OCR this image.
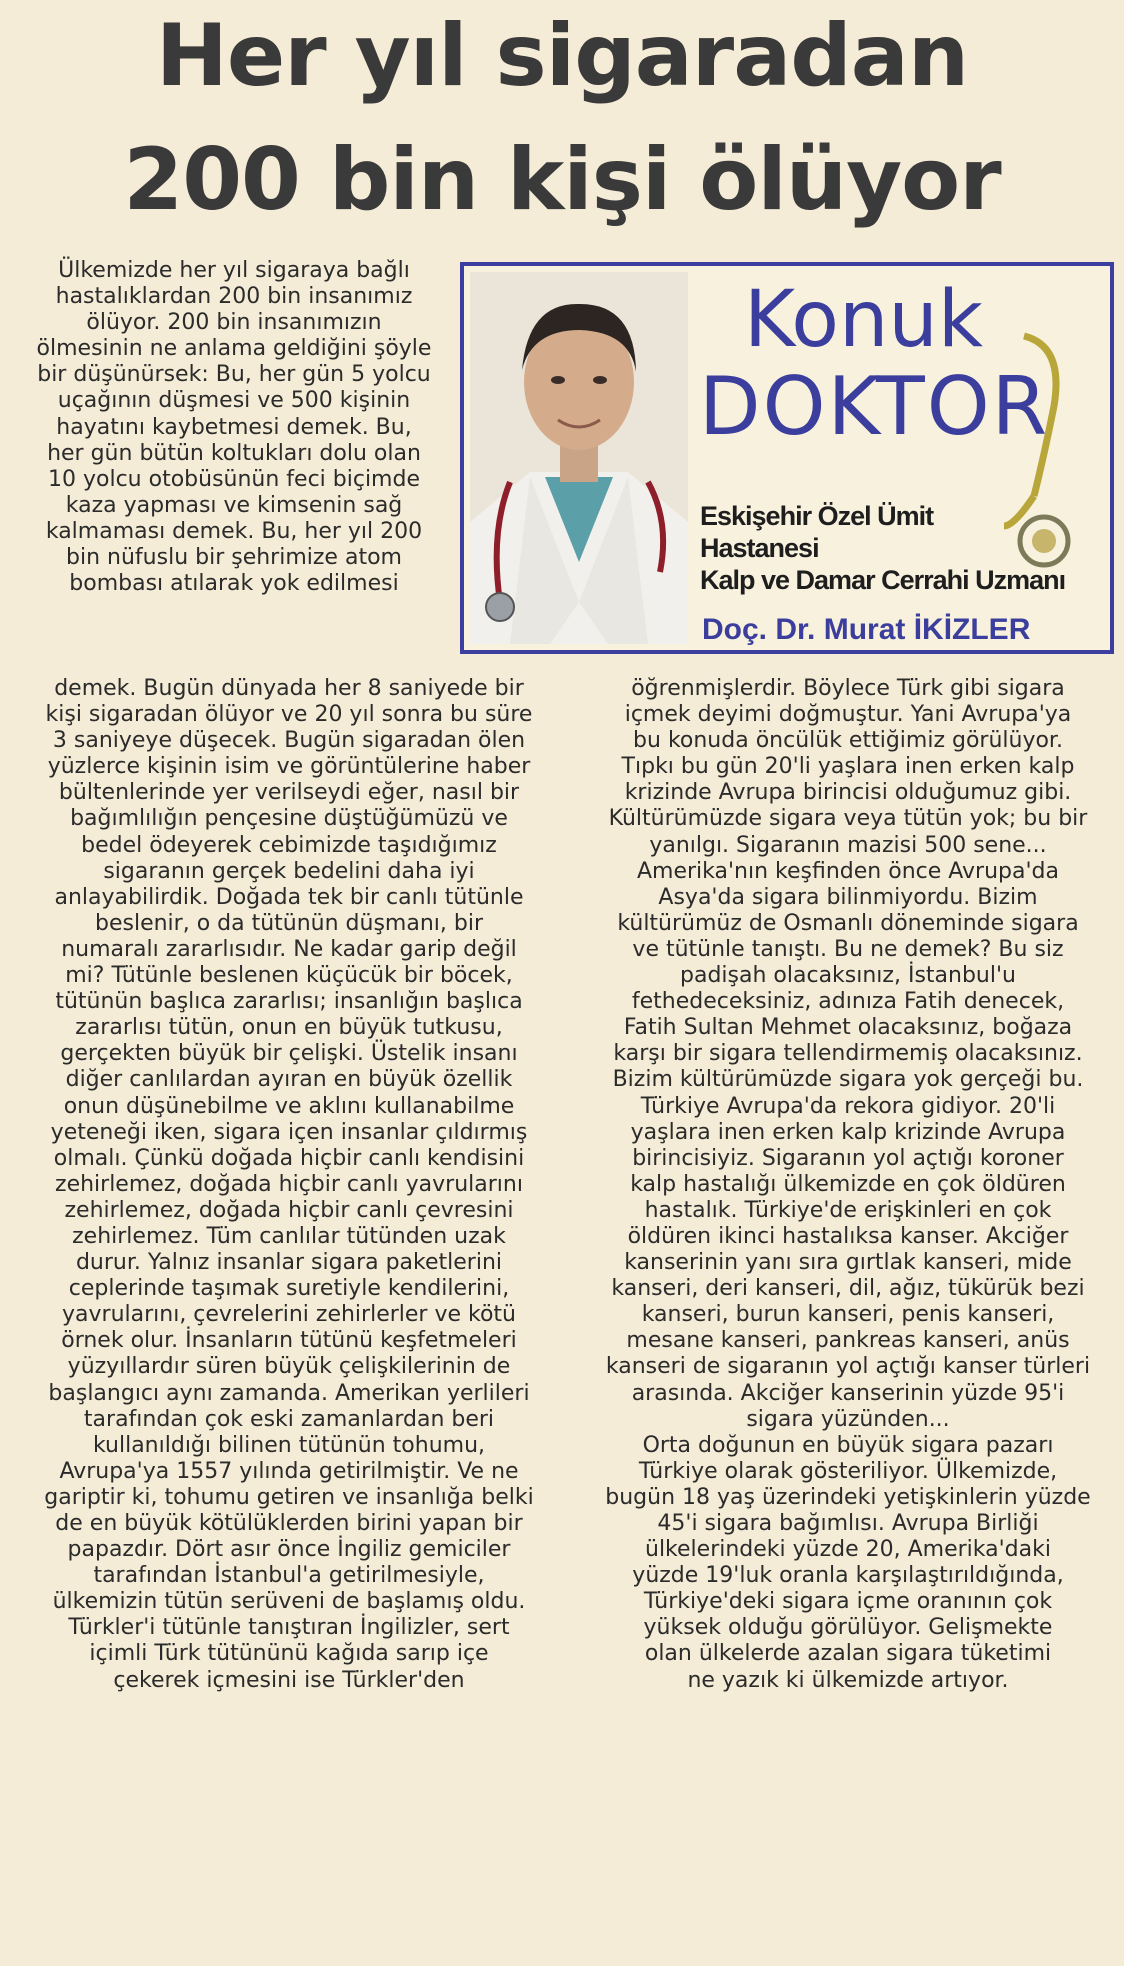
Her yıl sigaradan
200 bin kişi ölüyor
Ülkemizde her yıl sigaraya bağlı
hastalıklardan 200 bin insanımız
ölüyor. 200 bin insanımızın
ölmesinin ne anlama geldiğini şöyle
bir düşünürsek: Bu, her gün 5 yolcu
uçağının düşmesi ve 500 kişinin
hayatını kaybetmesi demek. Bu,
her gün bütün koltukları dolu olan
10 yolcu otobüsünün feci biçimde
kaza yapması ve kimsenin sağ
kalmaması demek. Bu, her yıl 200
bin nüfuslu bir şehrimize atom
bombası atılarak yok edilmesi
Konuk
DOKTOR
Eskişehir Özel Ümit
Hastanesi
Kalp ve Damar Cerrahi Uzmanı
Doç. Dr. Murat İKİZLER
demek. Bugün dünyada her 8 saniyede bir
kişi sigaradan ölüyor ve 20 yıl sonra bu süre
3 saniyeye düşecek. Bugün sigaradan ölen
yüzlerce kişinin isim ve görüntülerine haber
bültenlerinde yer verilseydi eğer, nasıl bir
bağımlılığın pençesine düştüğümüzü ve
bedel ödeyerek cebimizde taşıdığımız
sigaranın gerçek bedelini daha iyi
anlayabilirdik. Doğada tek bir canlı tütünle
beslenir, o da tütünün düşmanı, bir
numaralı zararlısıdır. Ne kadar garip değil
mi? Tütünle beslenen küçücük bir böcek,
tütünün başlıca zararlısı; insanlığın başlıca
zararlısı tütün, onun en büyük tutkusu,
gerçekten büyük bir çelişki. Üstelik insanı
diğer canlılardan ayıran en büyük özellik
onun düşünebilme ve aklını kullanabilme
yeteneği iken, sigara içen insanlar çıldırmış
olmalı. Çünkü doğada hiçbir canlı kendisini
zehirlemez, doğada hiçbir canlı yavrularını
zehirlemez, doğada hiçbir canlı çevresini
zehirlemez. Tüm canlılar tütünden uzak
durur. Yalnız insanlar sigara paketlerini
ceplerinde taşımak suretiyle kendilerini,
yavrularını, çevrelerini zehirlerler ve kötü
örnek olur. İnsanların tütünü keşfetmeleri
yüzyıllardır süren büyük çelişkilerinin de
başlangıcı aynı zamanda. Amerikan yerlileri
tarafından çok eski zamanlardan beri
kullanıldığı bilinen tütünün tohumu,
Avrupa'ya 1557 yılında getirilmiştir. Ve ne
gariptir ki, tohumu getiren ve insanlığa belki
de en büyük kötülüklerden birini yapan bir
papazdır. Dört asır önce İngiliz gemiciler
tarafından İstanbul'a getirilmesiyle,
ülkemizin tütün serüveni de başlamış oldu.
Türkler'i tütünle tanıştıran İngilizler, sert
içimli Türk tütününü kağıda sarıp içe
çekerek içmesini ise Türkler'den
öğrenmişlerdir. Böylece Türk gibi sigara
içmek deyimi doğmuştur. Yani Avrupa'ya
bu konuda öncülük ettiğimiz görülüyor.
Tıpkı bu gün 20'li yaşlara inen erken kalp
krizinde Avrupa birincisi olduğumuz gibi.
Kültürümüzde sigara veya tütün yok; bu bir
yanılgı. Sigaranın mazisi 500 sene...
Amerika'nın keşfinden önce Avrupa'da
Asya'da sigara bilinmiyordu. Bizim
kültürümüz de Osmanlı döneminde sigara
ve tütünle tanıştı. Bu ne demek? Bu siz
padişah olacaksınız, İstanbul'u
fethedeceksiniz, adınıza Fatih denecek,
Fatih Sultan Mehmet olacaksınız, boğaza
karşı bir sigara tellendirmemiş olacaksınız.
Bizim kültürümüzde sigara yok gerçeği bu.
Türkiye Avrupa'da rekora gidiyor. 20'li
yaşlara inen erken kalp krizinde Avrupa
birincisiyiz. Sigaranın yol açtığı koroner
kalp hastalığı ülkemizde en çok öldüren
hastalık. Türkiye'de erişkinleri en çok
öldüren ikinci hastalıksa kanser. Akciğer
kanserinin yanı sıra gırtlak kanseri, mide
kanseri, deri kanseri, dil, ağız, tükürük bezi
kanseri, burun kanseri, penis kanseri,
mesane kanseri, pankreas kanseri, anüs
kanseri de sigaranın yol açtığı kanser türleri
arasında. Akciğer kanserinin yüzde 95'i
sigara yüzünden...
Orta doğunun en büyük sigara pazarı
Türkiye olarak gösteriliyor. Ülkemizde,
bugün 18 yaş üzerindeki yetişkinlerin yüzde
45'i sigara bağımlısı. Avrupa Birliği
ülkelerindeki yüzde 20, Amerika'daki
yüzde 19'luk oranla karşılaştırıldığında,
Türkiye'deki sigara içme oranının çok
yüksek olduğu görülüyor. Gelişmekte
olan ülkelerde azalan sigara tüketimi
ne yazık ki ülkemizde artıyor.
